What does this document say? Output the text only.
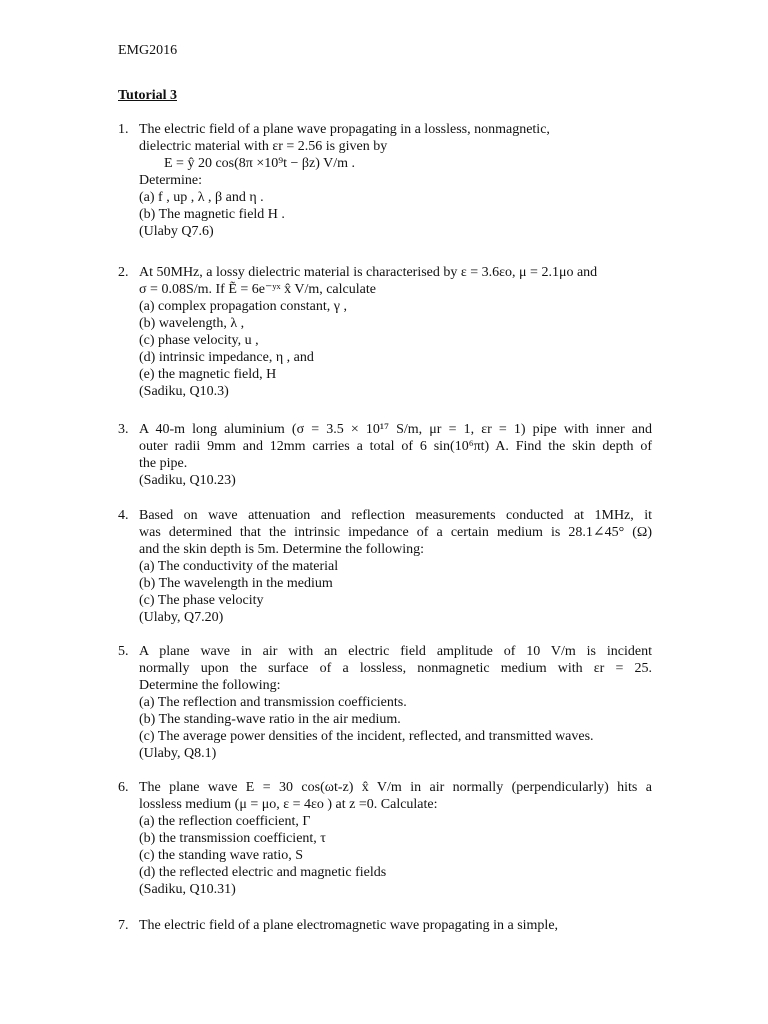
EMG2016
Tutorial 3
1. The electric field of a plane wave propagating in a lossless, nonmagnetic,
dielectric material with εr = 2.56 is given by
E = ŷ 20 cos(8π ×10⁹t − βz) V/m .
Determine:
(a) f , up , λ , β and η .
(b) The magnetic field H .
(Ulaby Q7.6)
2. At 50MHz, a lossy dielectric material is characterised by ε = 3.6εo, μ = 2.1μo and
σ = 0.08S/m. If Ẽ = 6e⁻ʸˣ x̂ V/m, calculate
(a) complex propagation constant, γ ,
(b) wavelength, λ ,
(c) phase velocity, u ,
(d) intrinsic impedance, η , and
(e) the magnetic field, H
(Sadiku, Q10.3)
3. A 40-m long aluminium (σ = 3.5 × 10¹⁷ S/m, μr = 1, εr = 1) pipe with inner and
outer radii 9mm and 12mm carries a total of 6 sin(10⁶πt) A. Find the skin depth of
the pipe.
(Sadiku, Q10.23)
4. Based on wave attenuation and reflection measurements conducted at 1MHz, it
was determined that the intrinsic impedance of a certain medium is 28.1∠45° (Ω)
and the skin depth is 5m. Determine the following:
(a) The conductivity of the material
(b) The wavelength in the medium
(c) The phase velocity
(Ulaby, Q7.20)
5. A plane wave in air with an electric field amplitude of 10 V/m is incident
normally upon the surface of a lossless, nonmagnetic medium with εr = 25.
Determine the following:
(a) The reflection and transmission coefficients.
(b) The standing-wave ratio in the air medium.
(c) The average power densities of the incident, reflected, and transmitted waves.
(Ulaby, Q8.1)
6. The plane wave E = 30 cos(ωt-z) x̂ V/m in air normally (perpendicularly) hits a
lossless medium (μ = μo, ε = 4εo ) at z =0. Calculate:
(a) the reflection coefficient, Γ
(b) the transmission coefficient, τ
(c) the standing wave ratio, S
(d) the reflected electric and magnetic fields
(Sadiku, Q10.31)
7. The electric field of a plane electromagnetic wave propagating in a simple,
